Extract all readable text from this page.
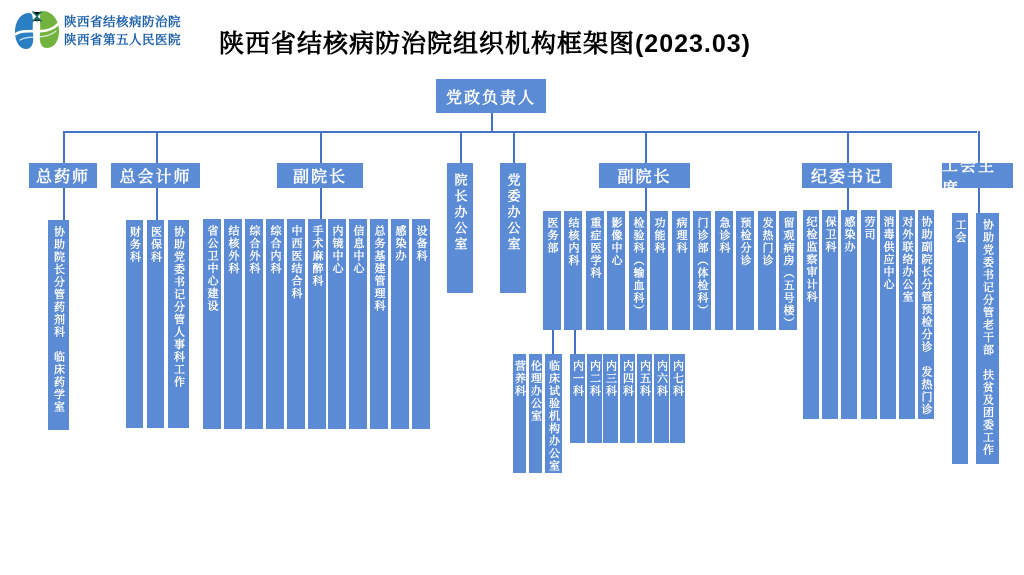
陕西省结核病防治院
陕西省第五人民医院 陕西省结核病防治院组织机构框架图(2023.03)
党政负责人
院长办公室	党委办公室
总药师
协助院长分管药剂科　临床药学室
总会计师
财务科 医保科 协助党委书记分管人事科工作
副院长
省公卫中心建设 结核外科 综合外科 综合内科 中西医结合科 手术麻醉科 内镜中心 信息中心 总务基建管理科 感染办 设备科
副院长
医务部 结核内科 重症医学科 影像中心 检验科（输血科） 功能科 病理科 门诊部（体检科） 急诊科 预检分诊 发热门诊 留观病房（五号楼）
纪委书记
纪检监察审计科 保卫科 感染办 劳司 消毒供应中心 对外联络办公室 协助副院长分管预检分诊　发热门诊
工会主席
工会 协助党委书记分管老干部　扶贫及团委工作
营养科 伦理办公室 临床试验机构办公室 内一科 内二科 内三科 内四科 内五科 内六科 内七科
